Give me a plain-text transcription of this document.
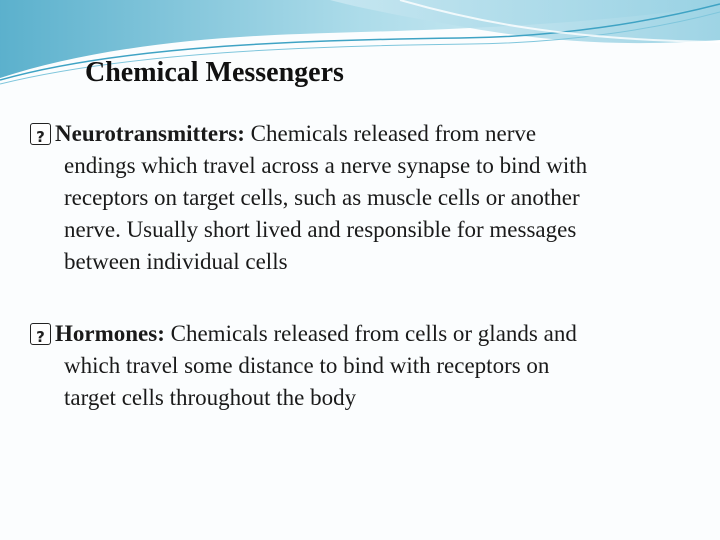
Chemical Messengers
?
Neurotransmitters: Chemicals released from nerve
endings which travel across a nerve synapse to bind with
receptors on target cells, such as muscle cells or another
nerve. Usually short lived and responsible for messages
between individual cells
?
Hormones: Chemicals released from cells or glands and
which travel some distance to bind with receptors on
target cells throughout the body
